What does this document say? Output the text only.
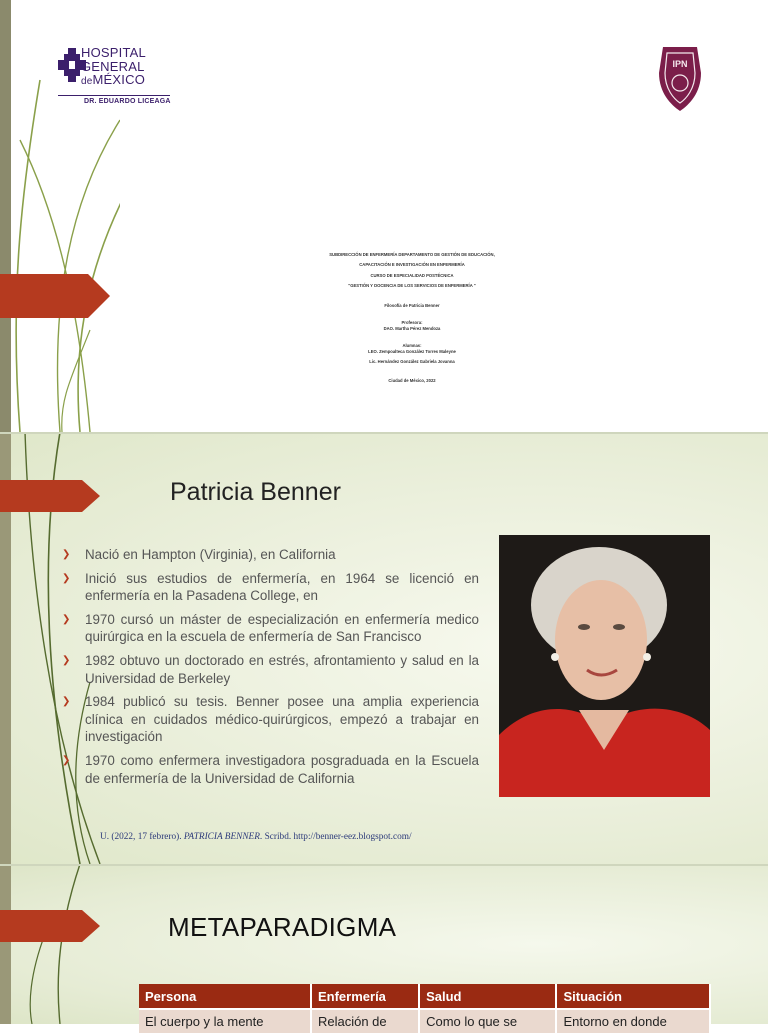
HOSPITAL
GENERAL
deMÉXICO
DR. EDUARDO LICEAGA
IPN
SUBDIRECCIÓN DE ENFERMERÍA DEPARTAMENTO DE GESTIÓN DE EDUCACIÓN,
CAPACITACIÓN E INVESTIGACIÓN EN ENFERMERÍA
CURSO DE ESPECIALIDAD POSTÉCNICA
"GESTIÓN Y DOCENCIA DE LOS SERVICIOS DE ENFERMERÍA "
Filosofía de Patricia Benner
Profesora:
DAO. Martha Pérez Mendoza
Alumnas:
LEO. Zempoalteca González Torres Maleyne
Lic. Hernández González Gabriela Jovanna
Ciudad de México, 2022
Patricia Benner
❯ Nació en Hampton (Virginia), en California
❯ Inició sus estudios de enfermería, en 1964 se licenció en enfermería en la Pasadena College, en
❯ 1970 cursó un máster de especialización en enfermería medico quirúrgica en la escuela de enfermería de San Francisco
❯ 1982 obtuvo un doctorado en estrés, afrontamiento y salud en la Universidad de Berkeley
❯ 1984 publicó su tesis. Benner posee una amplia experiencia clínica en cuidados médico-quirúrgicos, empezó a trabajar en investigación
❯ 1970 como enfermera investigadora posgraduada en la Escuela de enfermería de la Universidad de California
U. (2022, 17 febrero). PATRICIA BENNER. Scribd. http://benner-eez.blogspot.com/
METAPARADIGMA
Persona	Enfermería	Salud	Situación
El cuerpo y la mente	Relación de	Como lo que se	Entorno en donde
